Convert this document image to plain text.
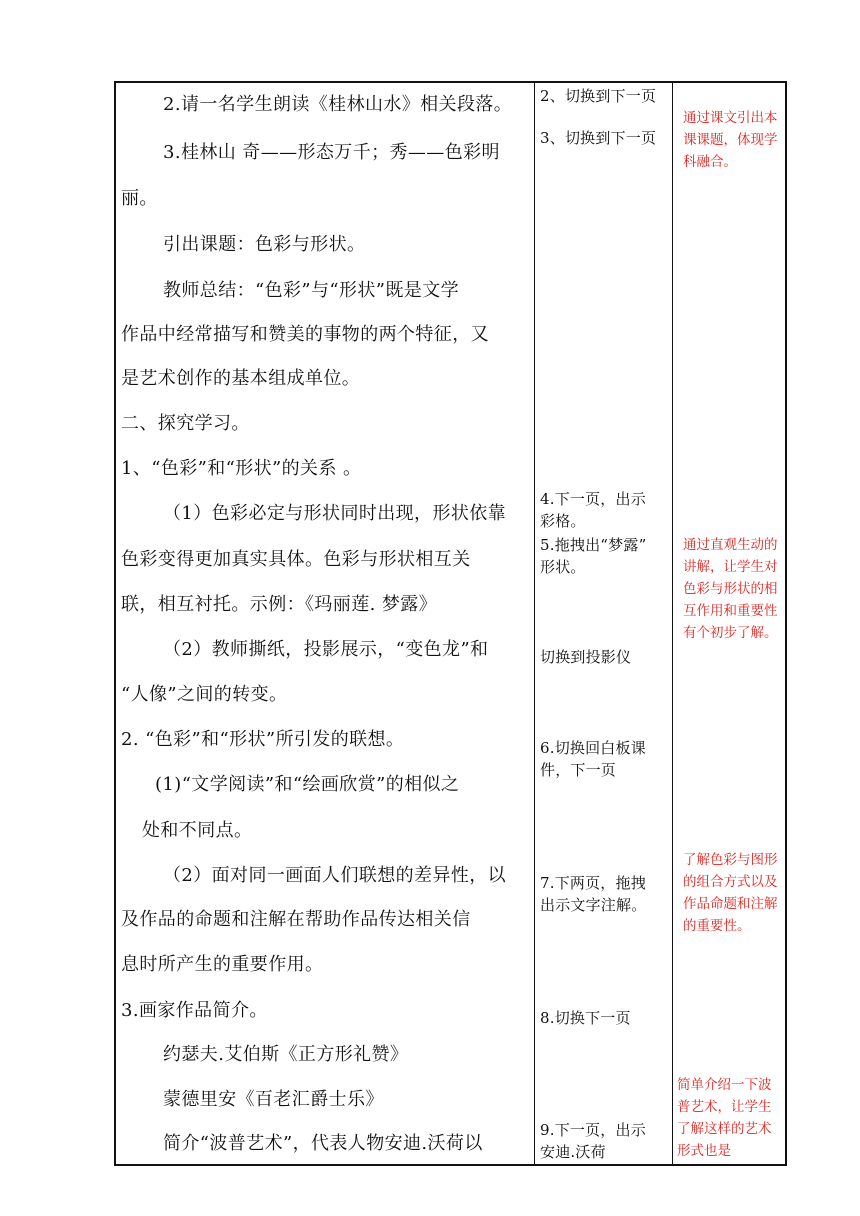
2.请一名学生朗读《桂林山水》相关段落。
3.桂林山 奇——形态万千；秀——色彩明
丽。
引出课题：色彩与形状。
教师总结：“色彩”与“形状”既是文学
作品中经常描写和赞美的事物的两个特征，又
是艺术创作的基本组成单位。
二、探究学习。
1、“色彩”和“形状”的关系 。
（1）色彩必定与形状同时出现，形状依靠
色彩变得更加真实具体。色彩与形状相互关
联，相互衬托。示例：《玛丽莲. 梦露》
（2）教师撕纸，投影展示，“变色龙”和
“人像”之间的转变。
2. “色彩”和“形状”所引发的联想。
(1)“文学阅读”和“绘画欣赏”的相似之
处和不同点。
（2）面对同一画面人们联想的差异性，以
及作品的命题和注解在帮助作品传达相关信
息时所产生的重要作用。
3.画家作品简介。
约瑟夫.艾伯斯《正方形礼赞》
蒙德里安《百老汇爵士乐》
简介“波普艺术”，代表人物安迪.沃荷以
2、切换到下一页
3、切换到下一页
4.下一页，出示
彩格。
5.拖拽出“梦露”
形状。
切换到投影仪
6.切换回白板课
件，下一页
7.下两页，拖拽
出示文字注解。
8.切换下一页
9.下一页，出示
安迪.沃荷
通过课文引出本课课题，体现学科融合。
通过直观生动的讲解，让学生对色彩与形状的相互作用和重要性有个初步了解。
了解色彩与图形的组合方式以及作品命题和注解的重要性。
简单介绍一下波普艺术，让学生了解这样的艺术形式也是
